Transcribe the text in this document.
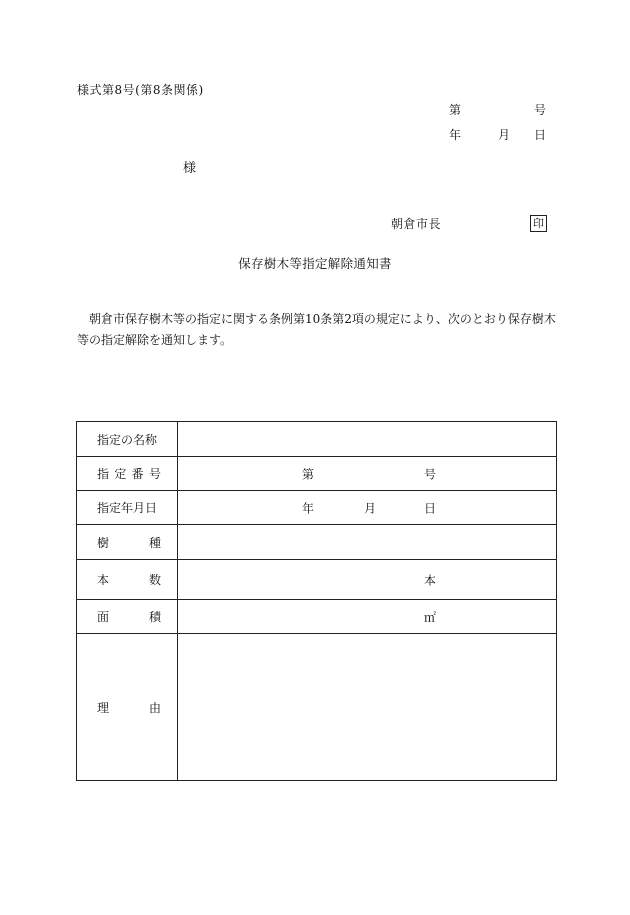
様式第8号(第8条関係)
第	号
年	月 日
様
朝倉市長	印
保存樹木等指定解除通知書
朝倉市保存樹木等の指定に関する条例第10条第2項の規定により、次のとおり保存樹木等の指定解除を通知します。
指定の名称	

指 定 番 号	第 号

指定年月日	年 月 日

樹 種	

本 数	本

面 積	㎡

理 由	
